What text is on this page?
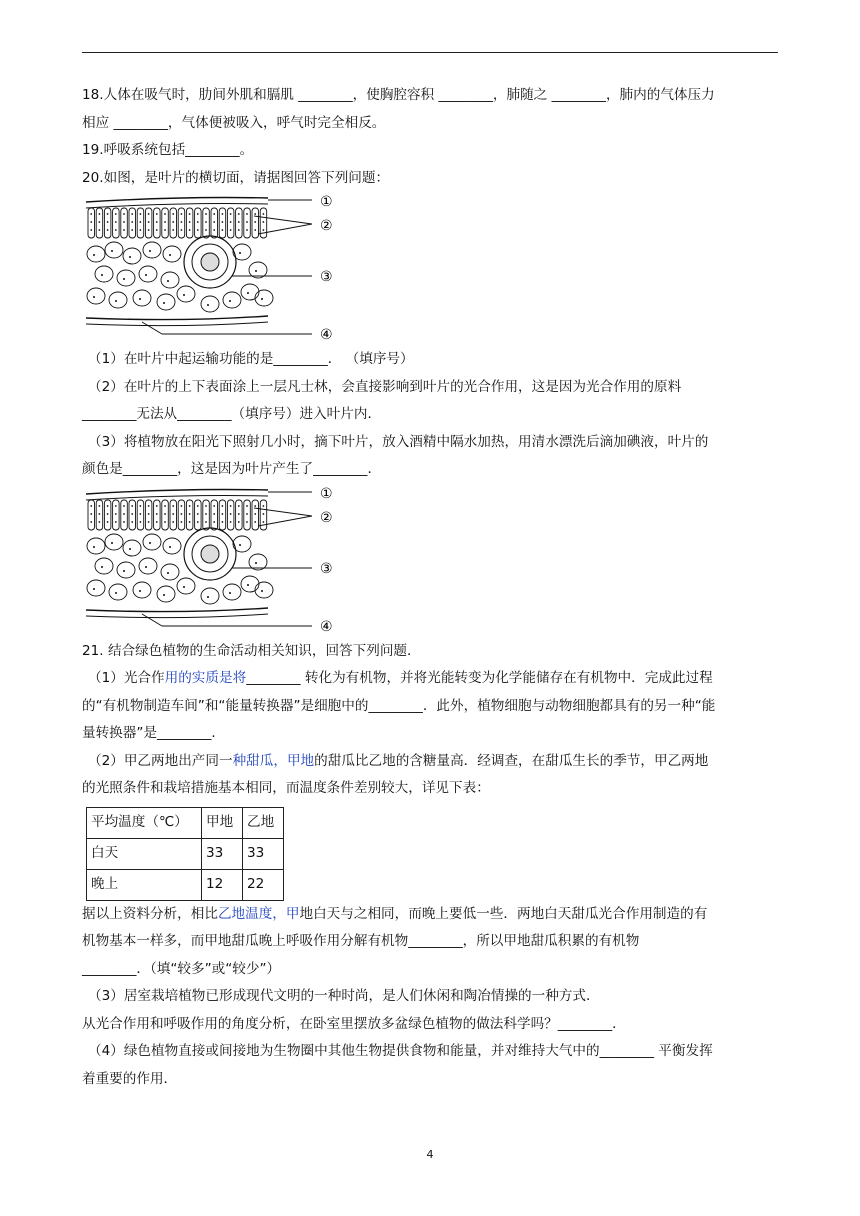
18.人体在吸气时，肋间外肌和膈肌 ________，使胸腔容积 ________，肺随之 ________，肺内的气体压力

相应 ________，气体便被吸入，呼气时完全相反。

19.呼吸系统包括________。

20.如图，是叶片的横切面，请据图回答下列问题：

①
②
③
④

（1）在叶片中起运输功能的是________． （填序号）

（2）在叶片的上下表面涂上一层凡士林，会直接影响到叶片的光合作用，这是因为光合作用的原料

________无法从________（填序号）进入叶片内．

（3）将植物放在阳光下照射几小时，摘下叶片，放入酒精中隔水加热，用清水漂洗后滴加碘液，叶片的

颜色是________，这是因为叶片产生了________．

①
②
③
④

21. 结合绿色植物的生命活动相关知识，回答下列问题．

（1）光合作用的实质是将________ 转化为有机物，并将光能转变为化学能储存在有机物中．完成此过程

的“有机物制造车间”和“能量转换器”是细胞中的________．此外，植物细胞与动物细胞都具有的另一种“能

量转换器”是________．

（2）甲乙两地出产同一种甜瓜，甲地的甜瓜比乙地的含糖量高．经调查，在甜瓜生长的季节，甲乙两地

的光照条件和栽培措施基本相同，而温度条件差别较大，详见下表：

平均温度（℃）	甲地	乙地
白天	33	33
晚上	12	22

据以上资料分析，相比乙地温度，甲地白天与之相同，而晚上要低一些．两地白天甜瓜光合作用制造的有

机物基本一样多，而甲地甜瓜晚上呼吸作用分解有机物________，所以甲地甜瓜积累的有机物

________．（填“较多”或“较少”）

（3）居室栽培植物已形成现代文明的一种时尚，是人们休闲和陶冶情操的一种方式．

从光合作用和呼吸作用的角度分析，在卧室里摆放多盆绿色植物的做法科学吗？________．

（4）绿色植物直接或间接地为生物圈中其他生物提供食物和能量，并对维持大气中的________ 平衡发挥

着重要的作用．

4
